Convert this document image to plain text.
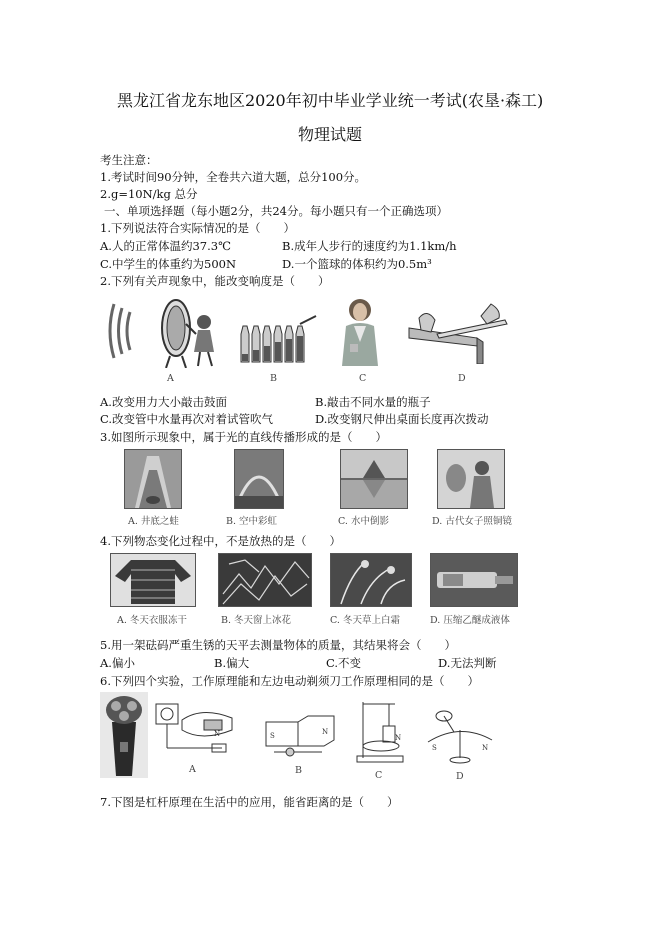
黑龙江省龙东地区2020年初中毕业学业统一考试(农垦·森工)
物理试题
考生注意：
1.考试时间90分钟，全卷共六道大题，总分100分。
2.g=10N/kg 总分
一、单项选择题（每小题2分，共24分。每小题只有一个正确选项）
1.下列说法符合实际情况的是（　　）
A.人的正常体温约37.3℃	B.成年人步行的速度约为1.1km/h
C.中学生的体重约为500N	D.一个篮球的体积约为0.5m³
2.下列有关声现象中，能改变响度是（　　）
A	B	C	D
A.改变用力大小敲击鼓面	B.敲击不同水量的瓶子
C.改变管中水量再次对着试管吹气	D.改变钢尺伸出桌面长度再次拨动
3.如图所示现象中，属于光的直线传播形成的是（　　）
A. 井底之蛙	B. 空中彩虹	C. 水中倒影	D. 古代女子照铜镜
4.下列物态变化过程中，不是放热的是（　　）
A. 冬天衣服冻干	B. 冬天窗上冰花	C. 冬天草上白霜	D. 压缩乙醚成液体
5.用一架砝码严重生锈的天平去测量物体的质量，其结果将会（　　）
A.偏小	B.偏大	C.不变	D.无法判断
6.下列四个实验，工作原理能和左边电动剃须刀工作原理相同的是（　　）
N
A
S	N
B
N
C
S	N
D
7.下图是杠杆原理在生活中的应用，能省距离的是（　　）
